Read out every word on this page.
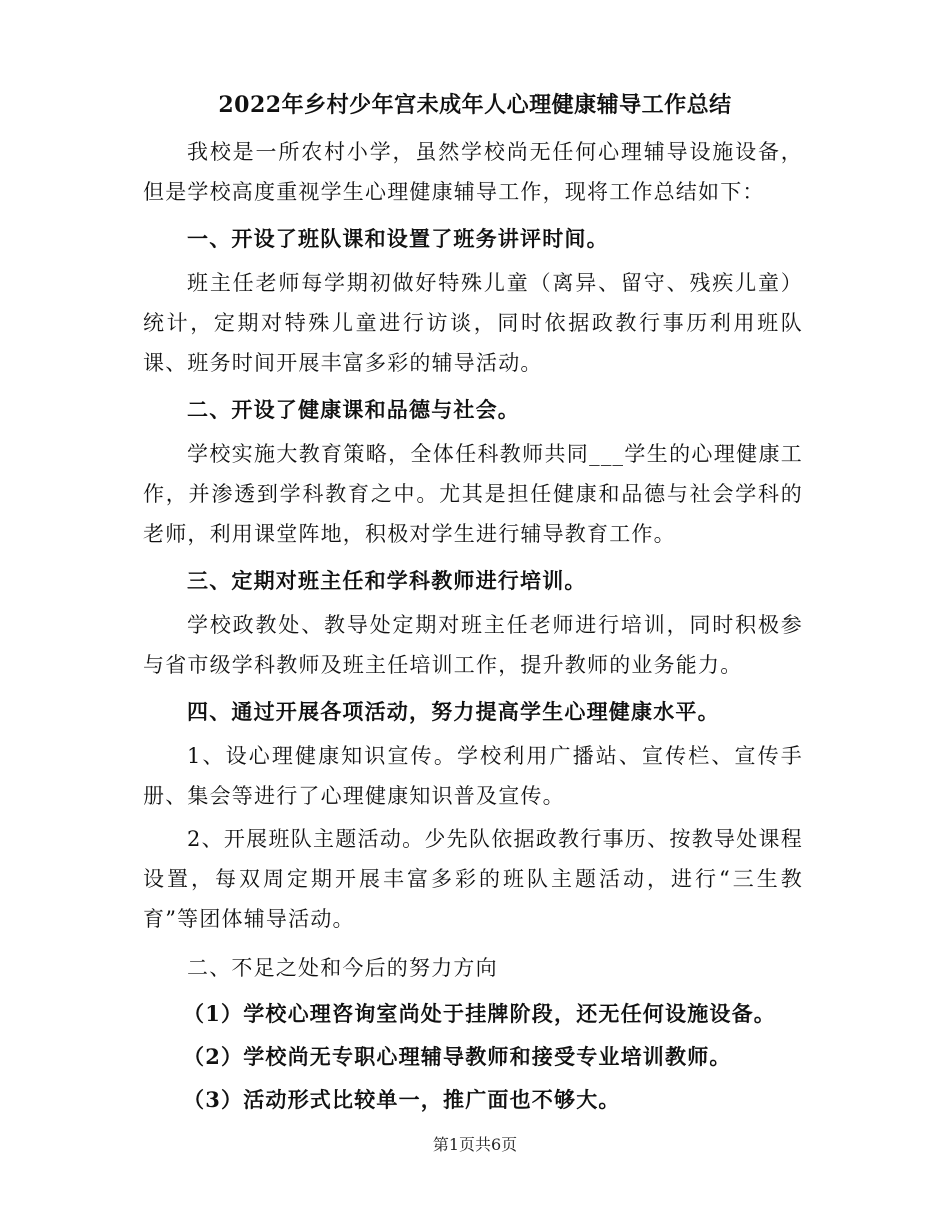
2022年乡村少年宫未成年人心理健康辅导工作总结

我校是一所农村小学，虽然学校尚无任何心理辅导设施设备，但是学校高度重视学生心理健康辅导工作，现将工作总结如下：

一、开设了班队课和设置了班务讲评时间。

班主任老师每学期初做好特殊儿童（离异、留守、残疾儿童）统计，定期对特殊儿童进行访谈，同时依据政教行事历利用班队课、班务时间开展丰富多彩的辅导活动。

二、开设了健康课和品德与社会。

学校实施大教育策略，全体任科教师共同___学生的心理健康工作，并渗透到学科教育之中。尤其是担任健康和品德与社会学科的老师，利用课堂阵地，积极对学生进行辅导教育工作。

三、定期对班主任和学科教师进行培训。

学校政教处、教导处定期对班主任老师进行培训，同时积极参与省市级学科教师及班主任培训工作，提升教师的业务能力。

四、通过开展各项活动，努力提高学生心理健康水平。

1、设心理健康知识宣传。学校利用广播站、宣传栏、宣传手册、集会等进行了心理健康知识普及宣传。

2、开展班队主题活动。少先队依据政教行事历、按教导处课程设置，每双周定期开展丰富多彩的班队主题活动，进行“三生教育”等团体辅导活动。

二、不足之处和今后的努力方向

（1）学校心理咨询室尚处于挂牌阶段，还无任何设施设备。

（2）学校尚无专职心理辅导教师和接受专业培训教师。

（3）活动形式比较单一，推广面也不够大。

第1页共6页
